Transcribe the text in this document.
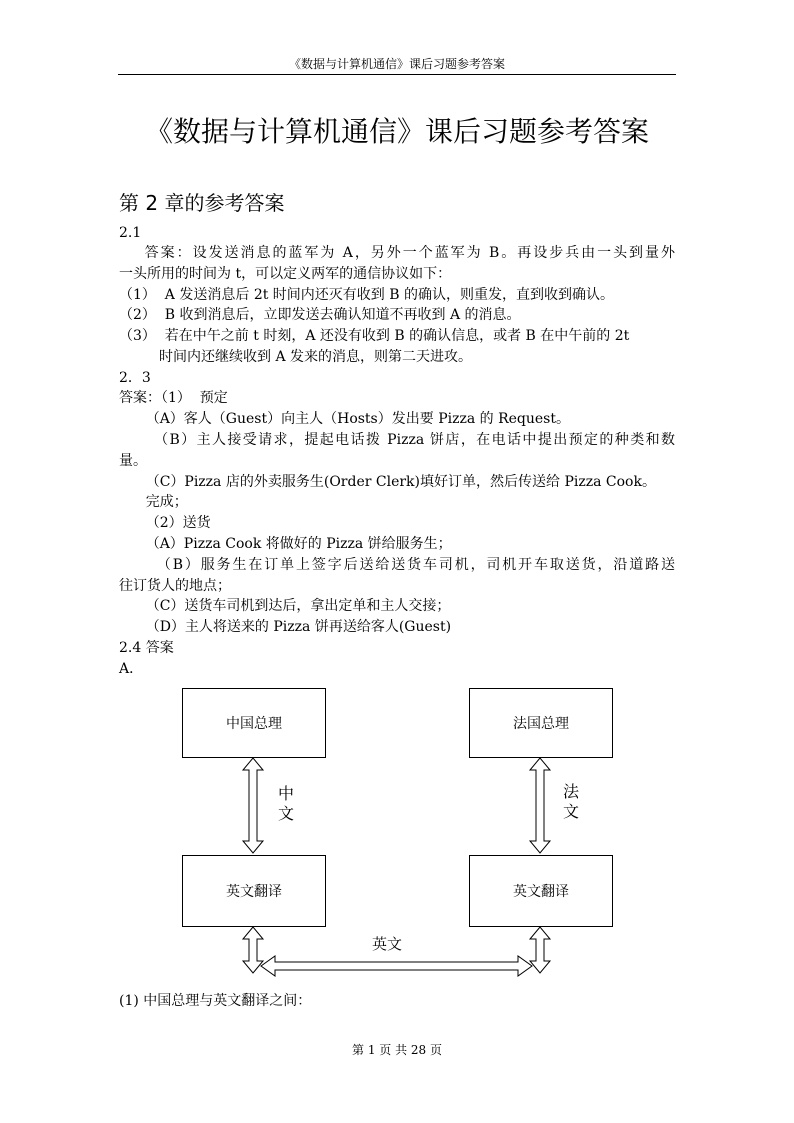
《数据与计算机通信》课后习题参考答案
《数据与计算机通信》课后习题参考答案
第 2 章的参考答案
2.1
答案：设发送消息的蓝军为 A，另外一个蓝军为 B。再设步兵由一头到量外
一头所用的时间为 t，可以定义两军的通信协议如下：
（1）  A 发送消息后 2t 时间内还灭有收到 B 的确认，则重发，直到收到确认。
（2）  B 收到消息后，立即发送去确认知道不再收到 A 的消息。
（3）  若在中午之前 t 时刻，A 还没有收到 B 的确认信息，或者 B 在中午前的 2t
时间内还继续收到 A 发来的消息，则第二天进攻。
2．3
答案：（1）  预定
（A）客人（Guest）向主人（Hosts）发出要 Pizza 的 Request。
（B）主人接受请求，提起电话拨 Pizza 饼店，在电话中提出预定的种类和数
量。
（C）Pizza 店的外卖服务生(Order Clerk)填好订单，然后传送给 Pizza Cook。
完成；
（2）送货
（A）Pizza Cook 将做好的 Pizza 饼给服务生；
（B）服务生在订单上签字后送给送货车司机，司机开车取送货，沿道路送
往订货人的地点；
（C）送货车司机到达后，拿出定单和主人交接；
（D）主人将送来的 Pizza 饼再送给客人(Guest)
2.4 答案
A．
中国总理	法国总理
英文翻译	英文翻译
中
文
法
文
英文
(1) 中国总理与英文翻译之间：
第 1 页 共 28 页
